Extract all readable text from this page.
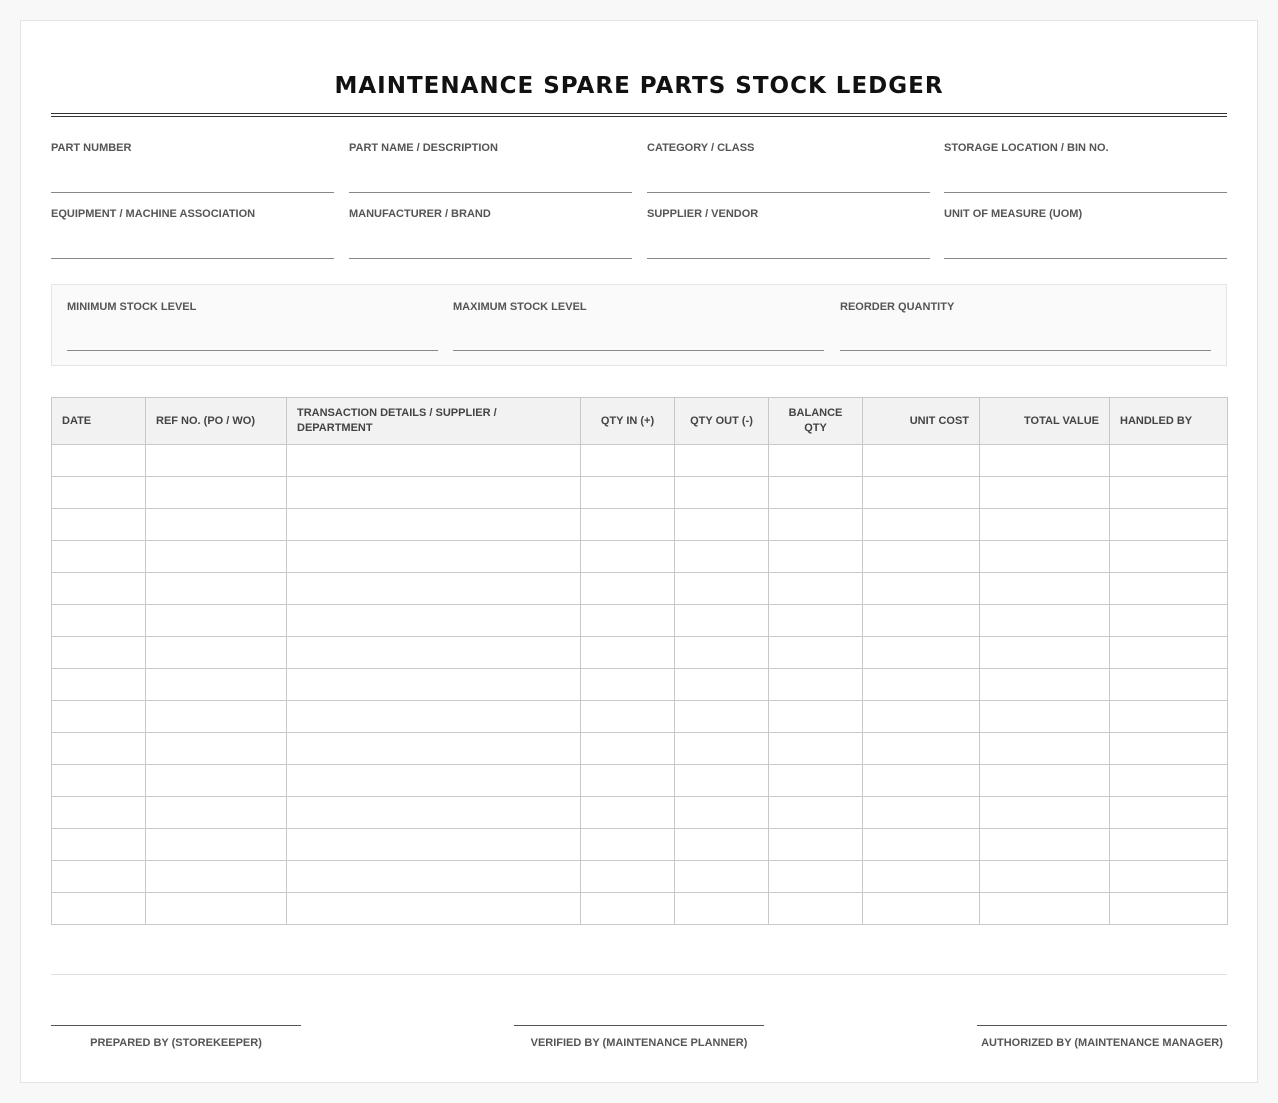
MAINTENANCE SPARE PARTS STOCK LEDGER
PART NUMBER	PART NAME / DESCRIPTION	CATEGORY / CLASS	STORAGE LOCATION / BIN NO.
EQUIPMENT / MACHINE ASSOCIATION	MANUFACTURER / BRAND	SUPPLIER / VENDOR	UNIT OF MEASURE (UOM)
MINIMUM STOCK LEVEL	MAXIMUM STOCK LEVEL	REORDER QUANTITY
DATE	REF NO. (PO / WO)	TRANSACTION DETAILS / SUPPLIER / DEPARTMENT	QTY IN (+)	QTY OUT (-)	BALANCE QTY	UNIT COST	TOTAL VALUE	HANDLED BY

PREPARED BY (STOREKEEPER)	VERIFIED BY (MAINTENANCE PLANNER)	AUTHORIZED BY (MAINTENANCE MANAGER)
